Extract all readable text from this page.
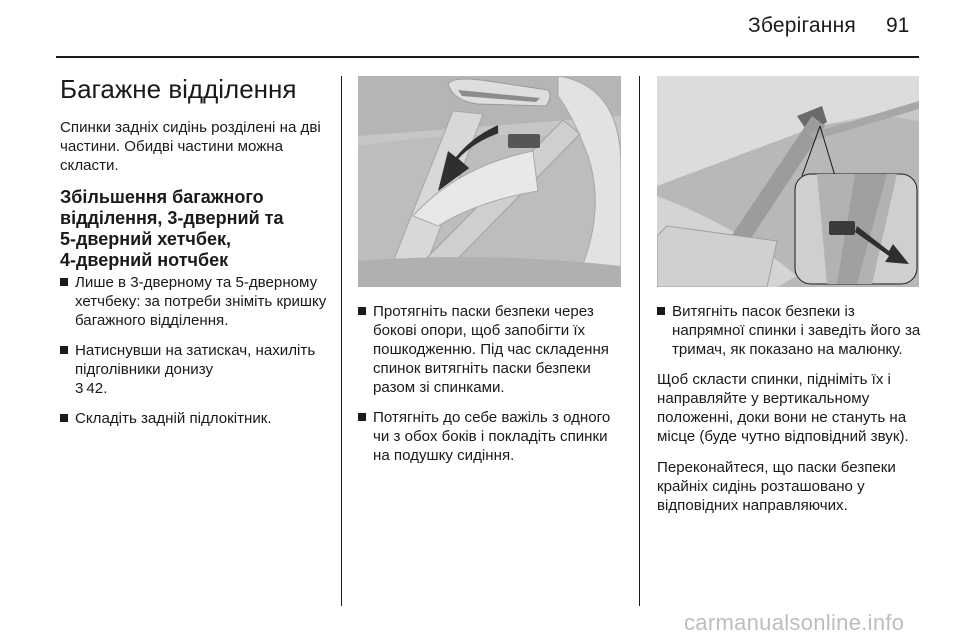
Зберігання 91
Багажне відділення

Спинки задніх сидінь розділені на дві частини. Обидві частини можна скласти.

Збільшення багажного
відділення, 3-дверний та
5-дверний хетчбек,
4-дверний нотчбек
Лише в 3-дверному та 5-дверному хетчбеку: за потреби зніміть кришку багажного відділення.
Натиснувши на затискач, нахиліть підголівники донизу
3 42.
Складіть задній підлокітник.
Протягніть паски безпеки через бокові опори, щоб запобігти їх пошкодженню. Під час складення спинок витягніть паски безпеки разом зі спинками.
Потягніть до себе важіль з одного чи з обох боків і покладіть спинки на подушку сидіння.
Витягніть пасок безпеки із напрямної спинки і заведіть його за тримач, як показано на малюнку.

Щоб скласти спинки, підніміть їх і направляйте у вертикальному положенні, доки вони не стануть на місце (буде чутно відповідний звук).

Переконайтеся, що паски безпеки крайніх сидінь розташовано у відповідних направляючих.

carmanualsonline.info
